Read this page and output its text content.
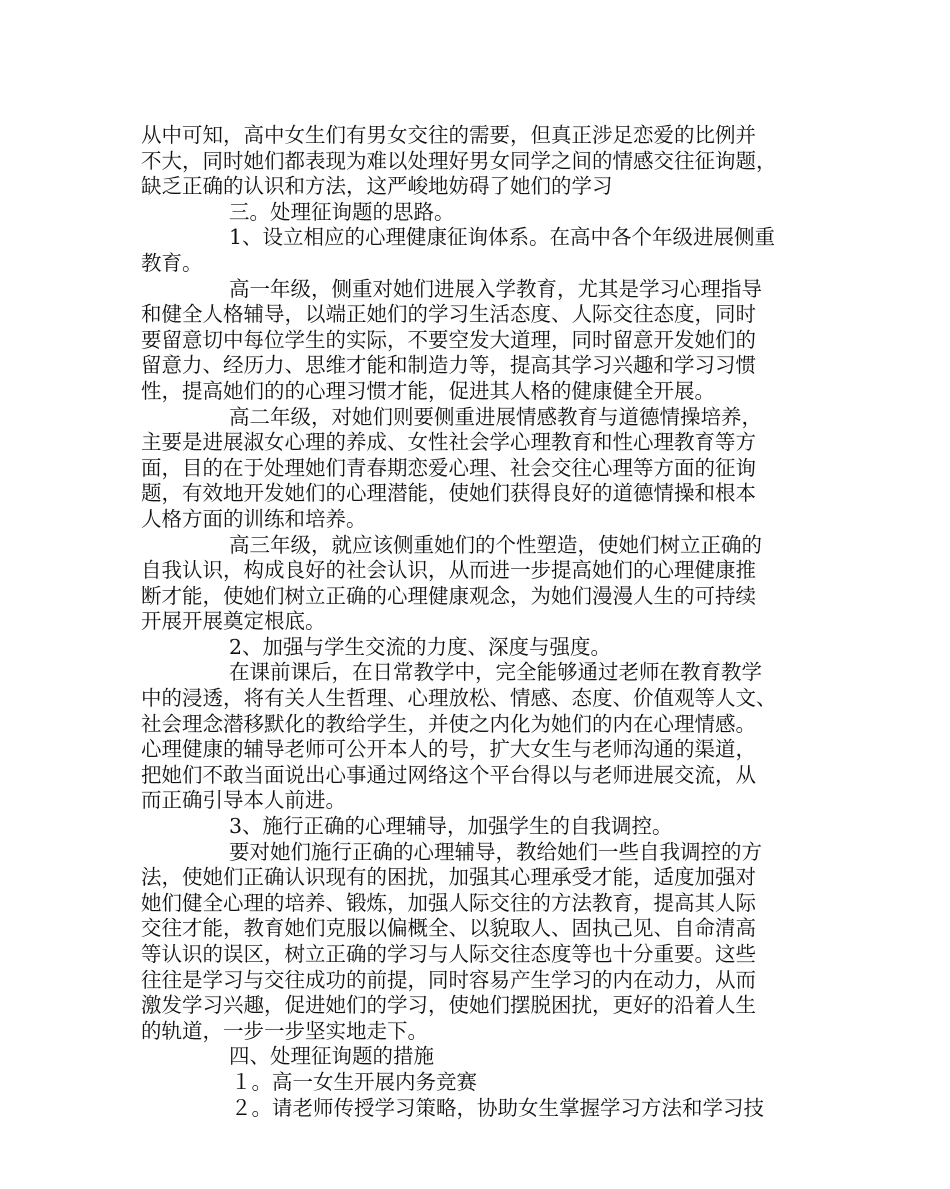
从中可知，高中女生们有男女交往的需要，但真正涉足恋爱的比例并
不大，同时她们都表现为难以处理好男女同学之间的情感交往征询题，
缺乏正确的认识和方法，这严峻地妨碍了她们的学习
三。处理征询题的思路。
1、设立相应的心理健康征询体系。在高中各个年级进展侧重
教育。
高一年级，侧重对她们进展入学教育，尤其是学习心理指导
和健全人格辅导，以端正她们的学习生活态度、人际交往态度，同时
要留意切中每位学生的实际，不要空发大道理，同时留意开发她们的
留意力、经历力、思维才能和制造力等，提高其学习兴趣和学习习惯
性，提高她们的的心理习惯才能，促进其人格的健康健全开展。
高二年级，对她们则要侧重进展情感教育与道德情操培养，
主要是进展淑女心理的养成、女性社会学心理教育和性心理教育等方
面，目的在于处理她们青春期恋爱心理、社会交往心理等方面的征询
题，有效地开发她们的心理潜能，使她们获得良好的道德情操和根本
人格方面的训练和培养。
高三年级，就应该侧重她们的个性塑造，使她们树立正确的
自我认识，构成良好的社会认识，从而进一步提高她们的心理健康推
断才能，使她们树立正确的心理健康观念，为她们漫漫人生的可持续
开展开展奠定根底。
2、加强与学生交流的力度、深度与强度。
在课前课后，在日常教学中，完全能够通过老师在教育教学
中的浸透，将有关人生哲理、心理放松、情感、态度、价值观等人文、
社会理念潜移默化的教给学生，并使之内化为她们的内在心理情感。
心理健康的辅导老师可公开本人的号，扩大女生与老师沟通的渠道，
把她们不敢当面说出心事通过网络这个平台得以与老师进展交流，从
而正确引导本人前进。
3、施行正确的心理辅导，加强学生的自我调控。
要对她们施行正确的心理辅导，教给她们一些自我调控的方
法，使她们正确认识现有的困扰，加强其心理承受才能，适度加强对
她们健全心理的培养、锻炼，加强人际交往的方法教育，提高其人际
交往才能，教育她们克服以偏概全、以貌取人、固执己见、自命清高
等认识的误区，树立正确的学习与人际交往态度等也十分重要。这些
往往是学习与交往成功的前提，同时容易产生学习的内在动力，从而
激发学习兴趣，促进她们的学习，使她们摆脱困扰，更好的沿着人生
的轨道，一步一步坚实地走下。
四、处理征询题的措施
１。高一女生开展内务竞赛
２。请老师传授学习策略，协助女生掌握学习方法和学习技
